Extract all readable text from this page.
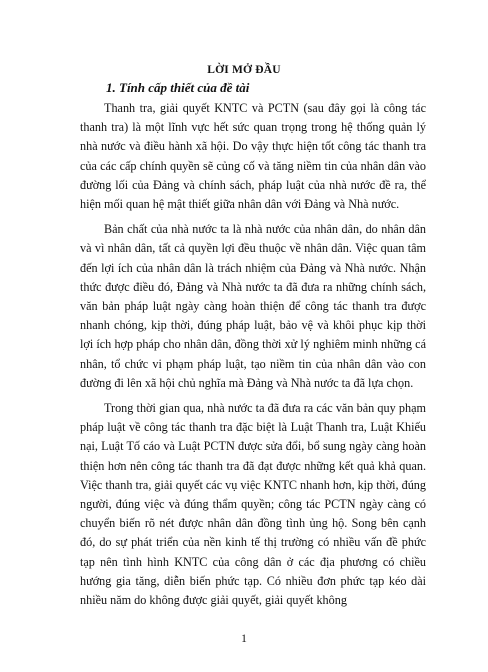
LỜI MỞ ĐẦU
1. Tính cấp thiết của đề tài

Thanh tra, giải quyết KNTC và PCTN (sau đây gọi là công tác thanh tra) là một lĩnh vực hết sức quan trọng trong hệ thống quản lý nhà nước và điều hành xã hội. Do vậy thực hiện tốt công tác thanh tra của các cấp chính quyền sẽ củng cố và tăng niềm tin của nhân dân vào đường lối của Đảng và chính sách, pháp luật của nhà nước đề ra, thể hiện mối quan hệ mật thiết giữa nhân dân với Đảng và Nhà nước.

Bản chất của nhà nước ta là nhà nước của nhân dân, do nhân dân và vì nhân dân, tất cả quyền lợi đều thuộc về nhân dân. Việc quan tâm đến lợi ích của nhân dân là trách nhiệm của Đảng và Nhà nước. Nhận thức được điều đó, Đảng và Nhà nước ta đã đưa ra những chính sách, văn bản pháp luật ngày càng hoàn thiện để công tác thanh tra được nhanh chóng, kịp thời, đúng pháp luật, bảo vệ và khôi phục kịp thời lợi ích hợp pháp cho nhân dân, đồng thời xử lý nghiêm minh những cá nhân, tổ chức vi phạm pháp luật, tạo niềm tin của nhân dân vào con đường đi lên xã hội chủ nghĩa mà Đảng và Nhà nước ta đã lựa chọn.

Trong thời gian qua, nhà nước ta đã đưa ra các văn bản quy phạm pháp luật về công tác thanh tra đặc biệt là Luật Thanh tra, Luật Khiếu nại, Luật Tố cáo và Luật PCTN được sửa đổi, bổ sung ngày càng hoàn thiện hơn nên công tác thanh tra đã đạt được những kết quả khả quan. Việc thanh tra, giải quyết các vụ việc KNTC nhanh hơn, kịp thời, đúng người, đúng việc và đúng thẩm quyền; công tác PCTN ngày càng có chuyển biến rõ nét được nhân dân đồng tình ủng hộ. Song bên cạnh đó, do sự phát triển của nền kinh tế thị trường có nhiều vấn đề phức tạp nên tình hình KNTC của công dân ở các địa phương có chiều hướng gia tăng, diễn biến phức tạp. Có nhiều đơn phức tạp kéo dài nhiều năm do không được giải quyết, giải quyết không

1
